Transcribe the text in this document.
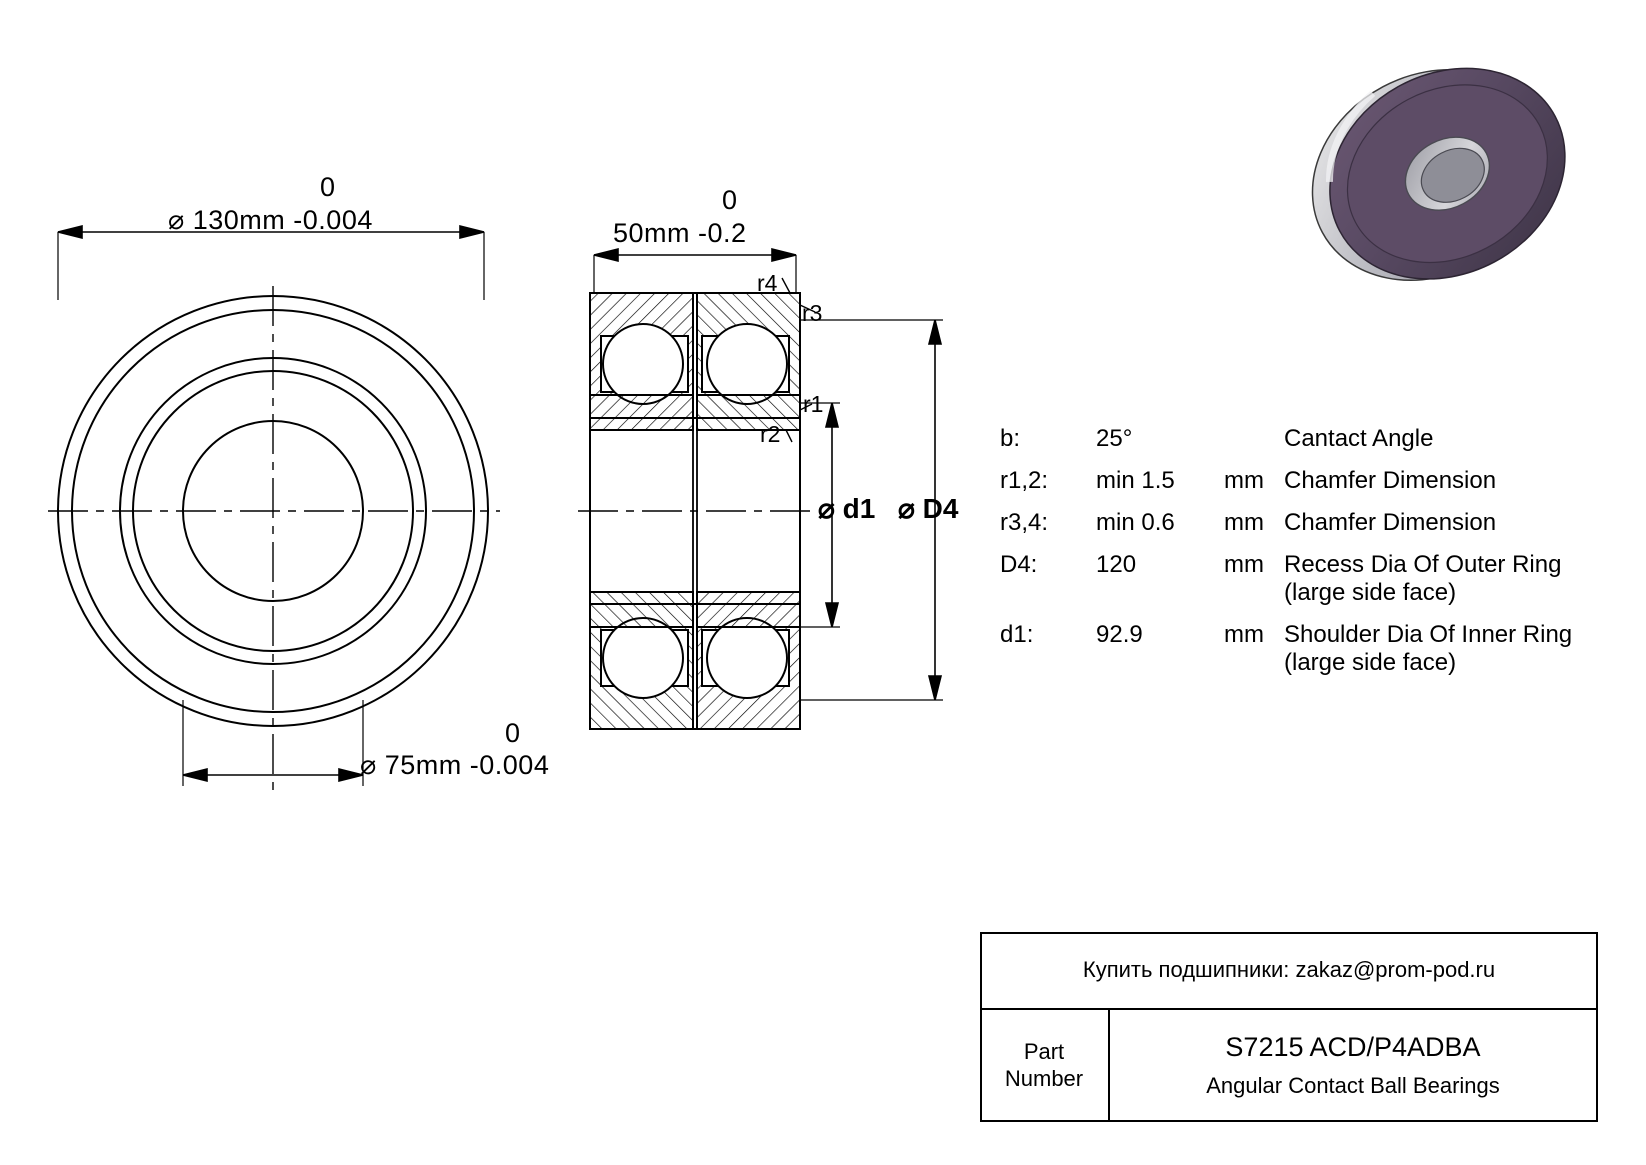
0
⌀ 130mm -0.004
0
⌀ 75mm -0.004
0
50mm -0.2
r4
r3
r1
r2
⌀ d1 ⌀ D4
b:	25°	Cantact Angle
r1,2:	min 1.5	mm Chamfer Dimension
r3,4:	min 0.6	mm Chamfer Dimension
D4:	120	mm Recess Dia Of Outer Ring
(large side face)
d1:	92.9	mm Shoulder Dia Of Inner Ring
(large side face)
Купить подшипники: zakaz@prom-pod.ru
Part
Number
S7215 ACD/P4ADBA
Angular Contact Ball Bearings
